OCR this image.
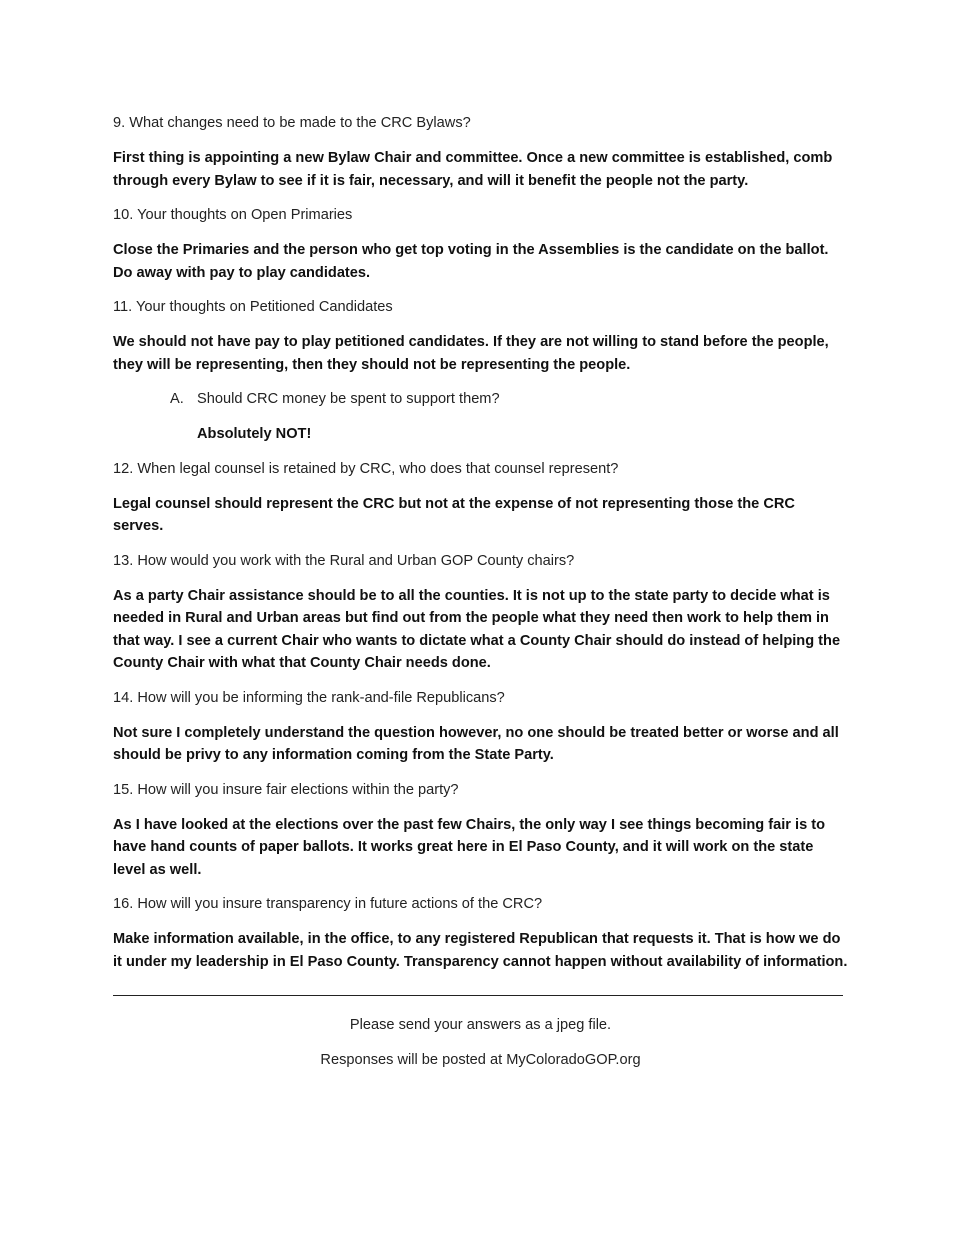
9. What changes need to be made to the CRC Bylaws?

First thing is appointing a new Bylaw Chair and committee. Once a new committee is established, comb through every Bylaw to see if it is fair, necessary, and will it benefit the people not the party.

10. Your thoughts on Open Primaries

Close the Primaries and the person who get top voting in the Assemblies is the candidate on the ballot. Do away with pay to play candidates.

11. Your thoughts on Petitioned Candidates

We should not have pay to play petitioned candidates. If they are not willing to stand before the people, they will be representing, then they should not be representing the people.

A. Should CRC money be spent to support them?

Absolutely NOT!

12. When legal counsel is retained by CRC, who does that counsel represent?

Legal counsel should represent the CRC but not at the expense of not representing those the CRC serves.

13. How would you work with the Rural and Urban GOP County chairs?

As a party Chair assistance should be to all the counties. It is not up to the state party to decide what is needed in Rural and Urban areas but find out from the people what they need then work to help them in that way. I see a current Chair who wants to dictate what a County Chair should do instead of helping the County Chair with what that County Chair needs done.

14. How will you be informing the rank-and-file Republicans?

Not sure I completely understand the question however, no one should be treated better or worse and all should be privy to any information coming from the State Party.

15. How will you insure fair elections within the party?

As I have looked at the elections over the past few Chairs, the only way I see things becoming fair is to have hand counts of paper ballots. It works great here in El Paso County, and it will work on the state level as well.

16. How will you insure transparency in future actions of the CRC?

Make information available, in the office, to any registered Republican that requests it. That is how we do it under my leadership in El Paso County. Transparency cannot happen without availability of information.

Please send your answers as a jpeg file.

Responses will be posted at MyColoradoGOP.org
